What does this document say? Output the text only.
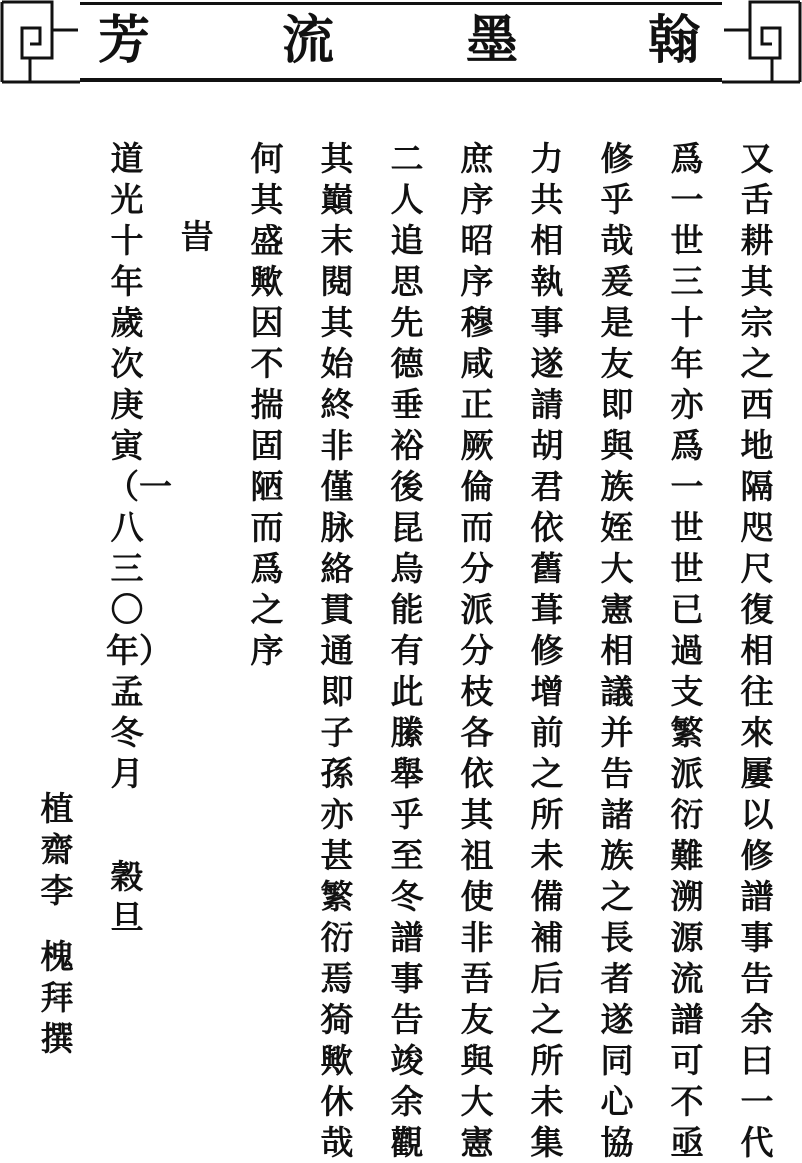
芳	流	墨 翰
又舌耕其宗之西地隔咫尺復相往來屢以修譜事告余曰一代
爲一世三十年亦爲一世世已過支繁派衍難溯源流譜可不亟
修乎哉爰是友即與族姪大憲相議并告諸族之長者遂同心協
力共相執事遂請胡君依舊葺修增前之所未備補后之所未集
庶序昭序穆咸正厥倫而分派分枝各依其祖使非吾友與大憲
二人追思先德垂裕後昆烏能有此縢舉乎至冬譜事告竣余觀
其巔末閱其始終非僅脉絡貫通即子孫亦甚繁衍焉猗歟休哉
何其盛歟因不揣固陋而爲之序
旹
道光十年歲次庚寅（一八三〇年）孟冬月
穀旦
植齋李
槐拜撰
